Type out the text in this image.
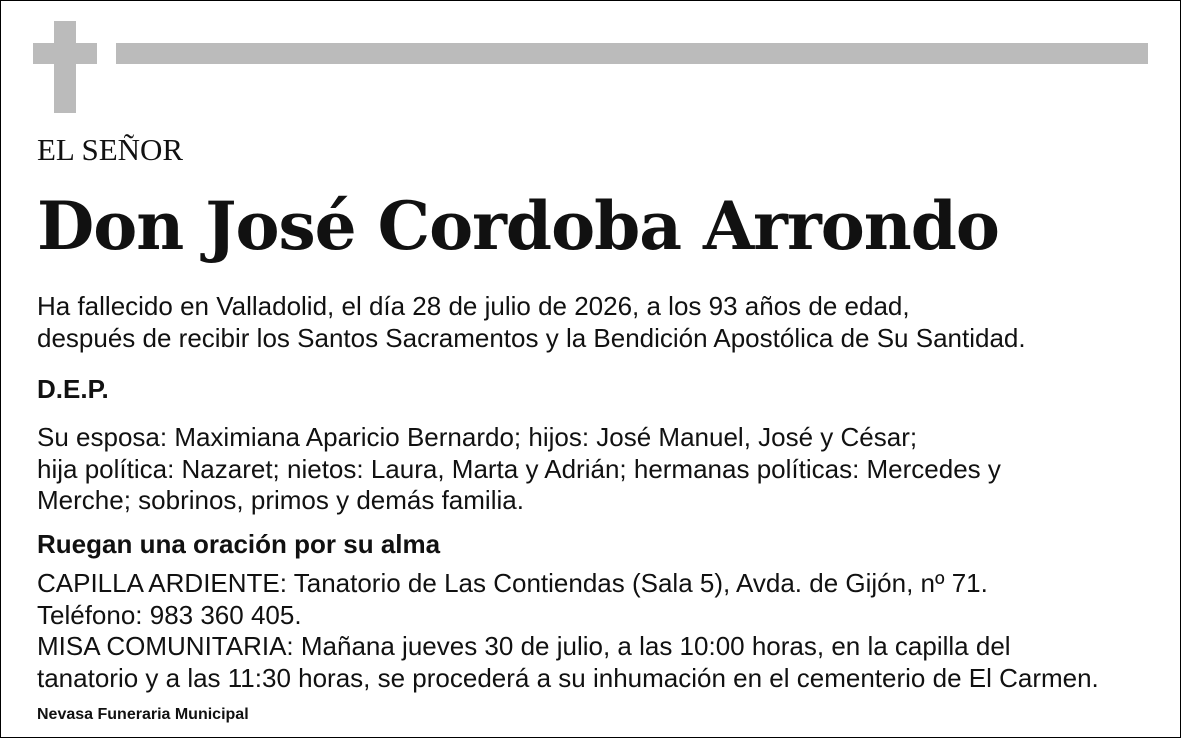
EL SEÑOR
Don José Cordoba Arrondo
Ha fallecido en Valladolid, el día 28 de julio de 2026, a los 93 años de edad,
después de recibir los Santos Sacramentos y la Bendición Apostólica de Su Santidad.
D.E.P.
Su esposa: Maximiana Aparicio Bernardo; hijos: José Manuel, José y César;
hija política: Nazaret; nietos: Laura, Marta y Adrián; hermanas políticas: Mercedes y
Merche; sobrinos, primos y demás familia.
Ruegan una oración por su alma
CAPILLA ARDIENTE: Tanatorio de Las Contiendas (Sala 5), Avda. de Gijón, nº 71.
Teléfono: 983 360 405.
MISA COMUNITARIA: Mañana jueves 30 de julio, a las 10:00 horas, en la capilla del
tanatorio y a las 11:30 horas, se procederá a su inhumación en el cementerio de El Carmen.
Nevasa Funeraria Municipal
